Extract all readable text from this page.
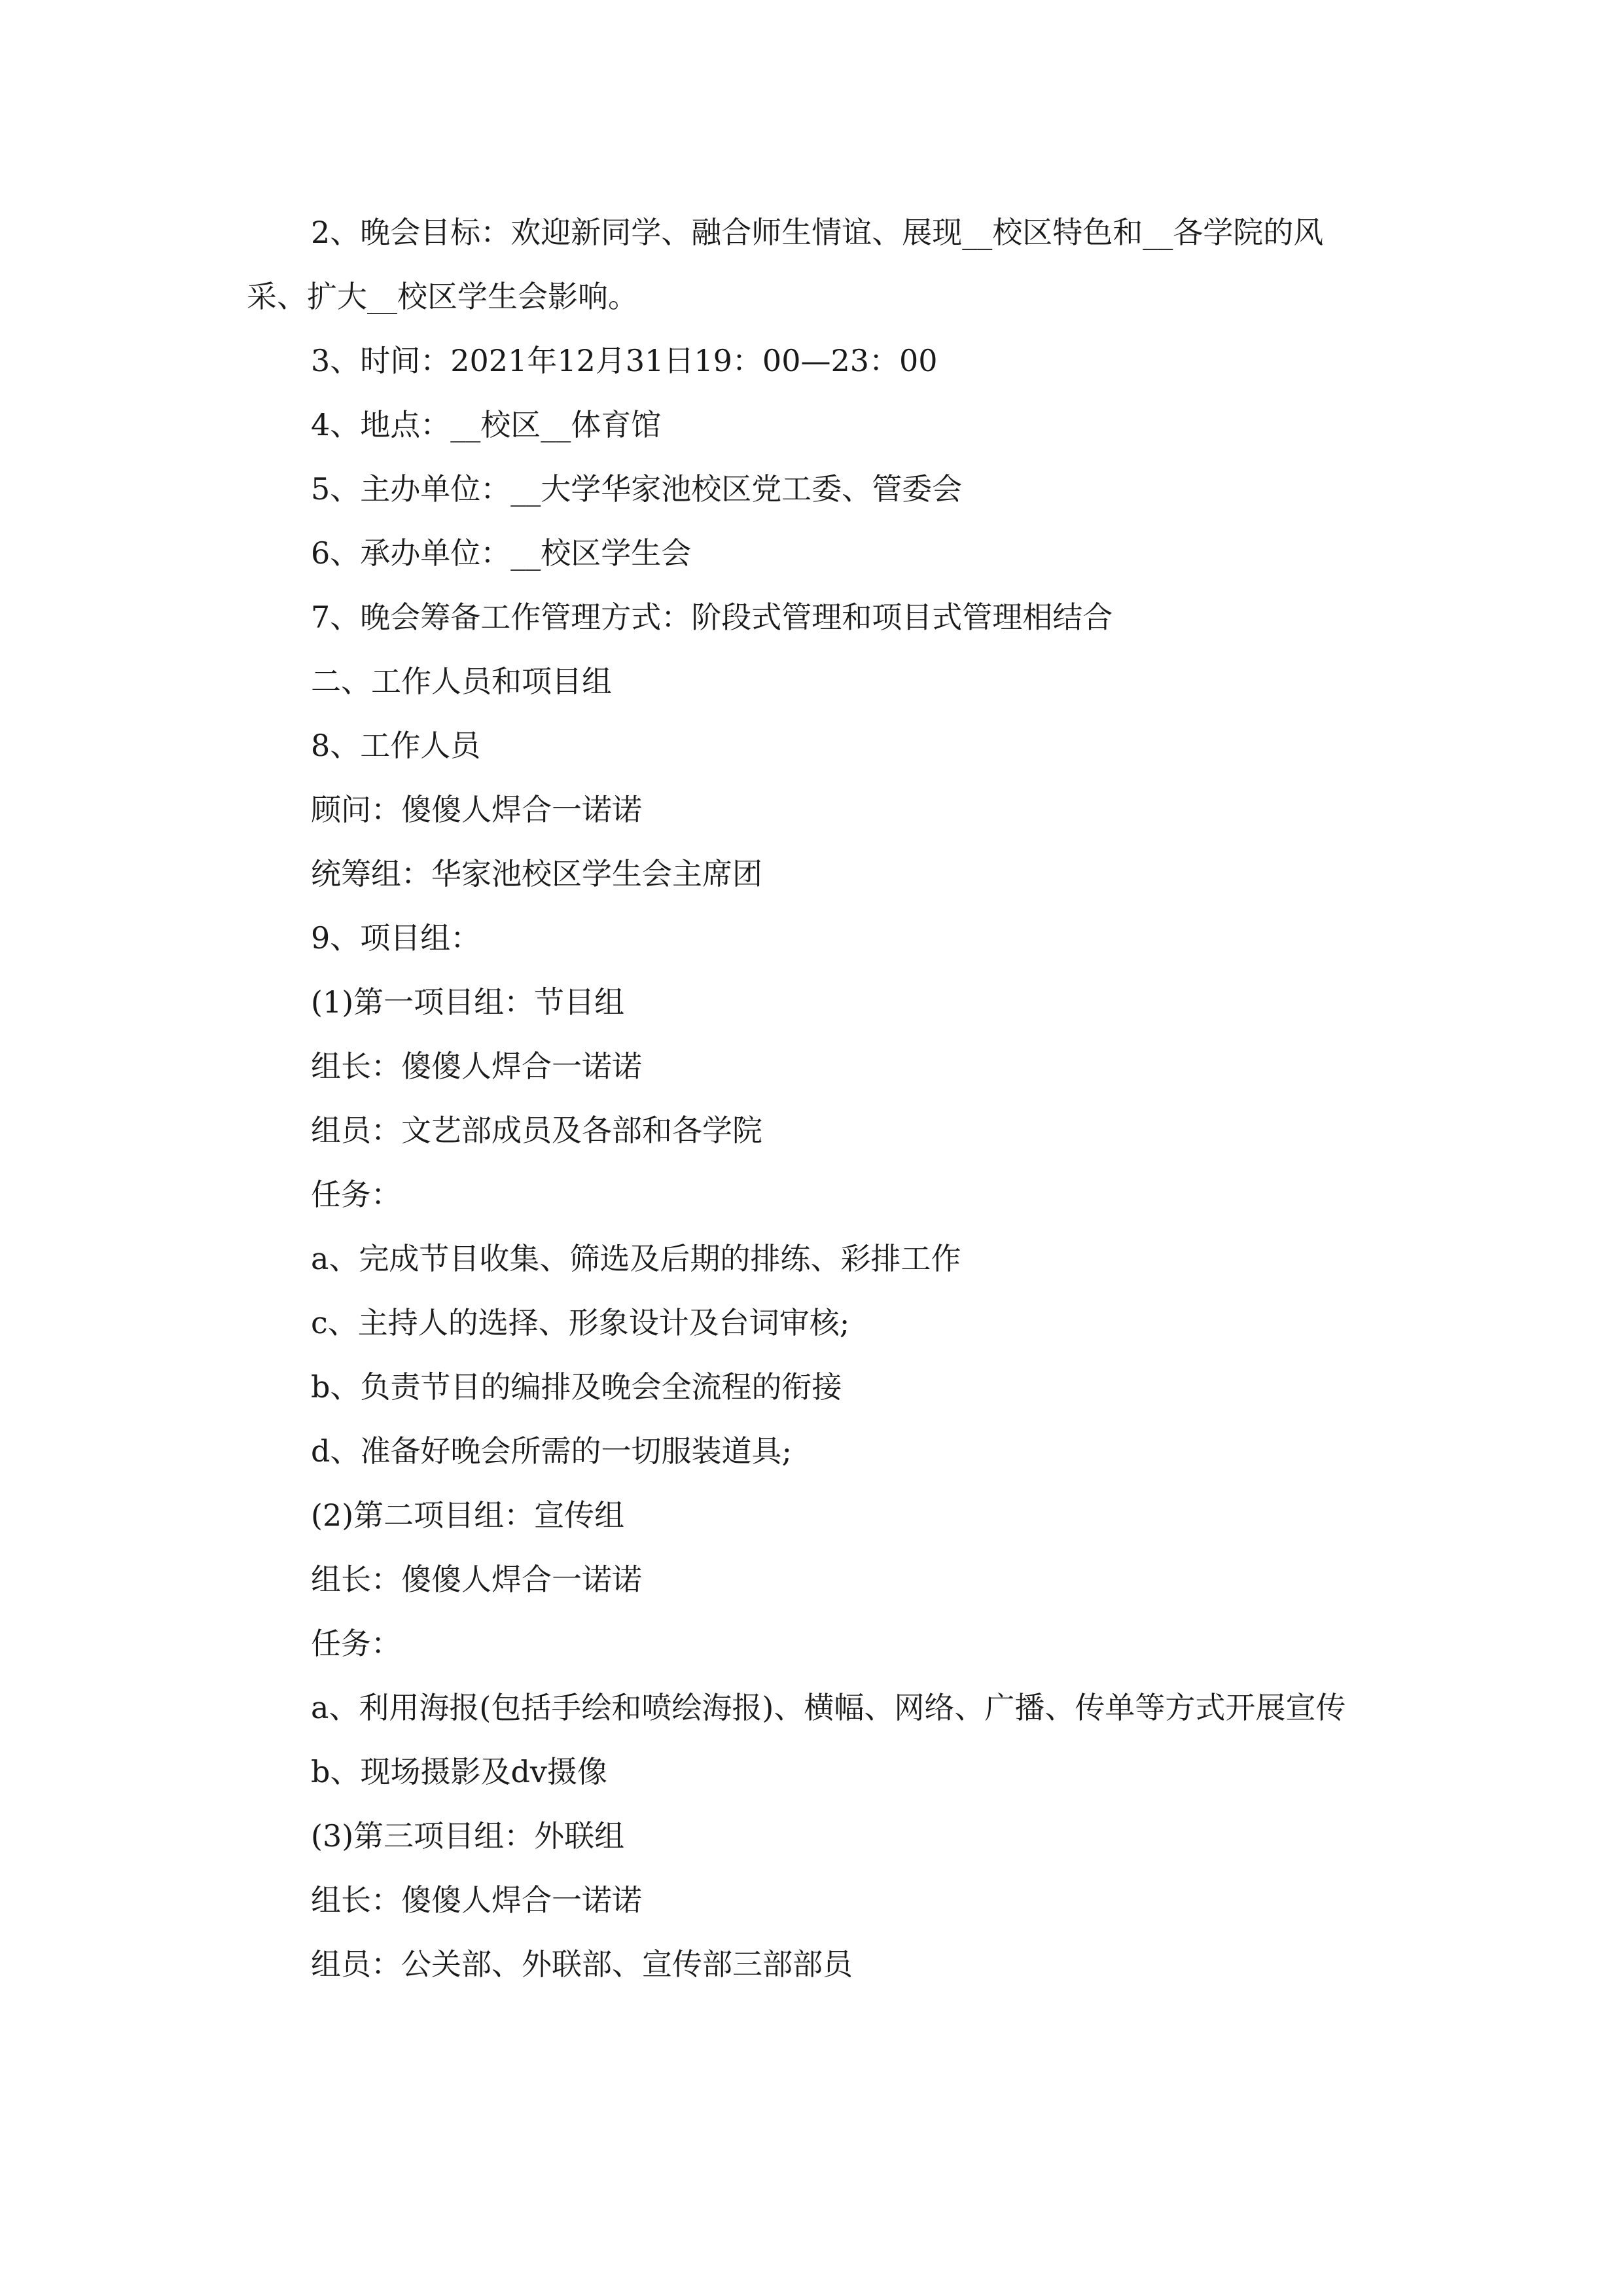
2、晚会目标：欢迎新同学、融合师生情谊、展现__校区特色和__各学院的风采、扩大__校区学生会影响。

3、时间：2021年12月31日19：00—23：00

4、地点：__校区__体育馆

5、主办单位：__大学华家池校区党工委、管委会

6、承办单位：__校区学生会

7、晚会筹备工作管理方式：阶段式管理和项目式管理相结合

二、工作人员和项目组

8、工作人员

顾问：傻傻人焊合一诺诺

统筹组：华家池校区学生会主席团

9、项目组：

(1)第一项目组：节目组

组长：傻傻人焊合一诺诺

组员：文艺部成员及各部和各学院

任务：

a、完成节目收集、筛选及后期的排练、彩排工作

c、主持人的选择、形象设计及台词审核;

b、负责节目的编排及晚会全流程的衔接

d、准备好晚会所需的一切服装道具;

(2)第二项目组：宣传组

组长：傻傻人焊合一诺诺

任务：

a、利用海报(包括手绘和喷绘海报)、横幅、网络、广播、传单等方式开展宣传

b、现场摄影及dv摄像

(3)第三项目组：外联组

组长：傻傻人焊合一诺诺

组员：公关部、外联部、宣传部三部部员
